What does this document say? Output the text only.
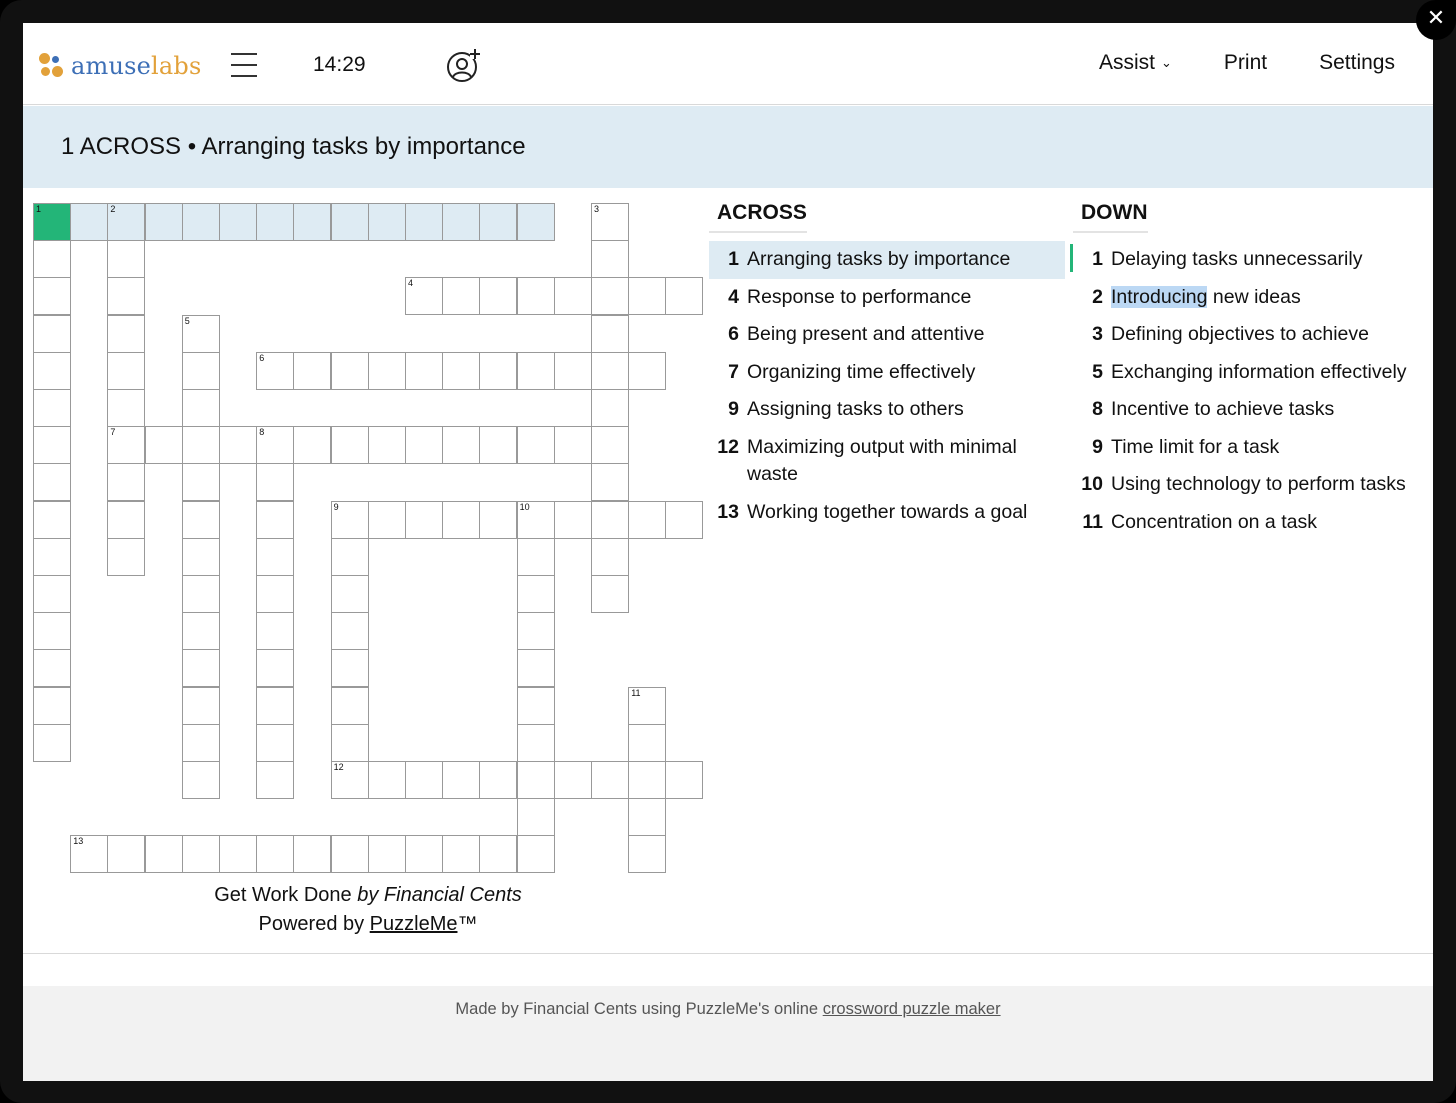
amuselabs	14:29	Assist ⌄ Print Settings
1 ACROSS • Arranging tasks by importance
1	2
7
3
4
5
6
8
9	10
12
11
13
Get Work Done by Financial Cents
Powered by PuzzleMe™
ACROSS
1 Arranging tasks by importance
4 Response to performance
6 Being present and attentive
7 Organizing time effectively
9 Assigning tasks to others
12 Maximizing output with minimal waste
13 Working together towards a goal
DOWN
1 Delaying tasks unnecessarily
2 Introducing new ideas
3 Defining objectives to achieve
5 Exchanging information effectively
8 Incentive to achieve tasks
9 Time limit for a task
10 Using technology to perform tasks
11 Concentration on a task
Made by Financial Cents using PuzzleMe's online crossword puzzle maker
✕
